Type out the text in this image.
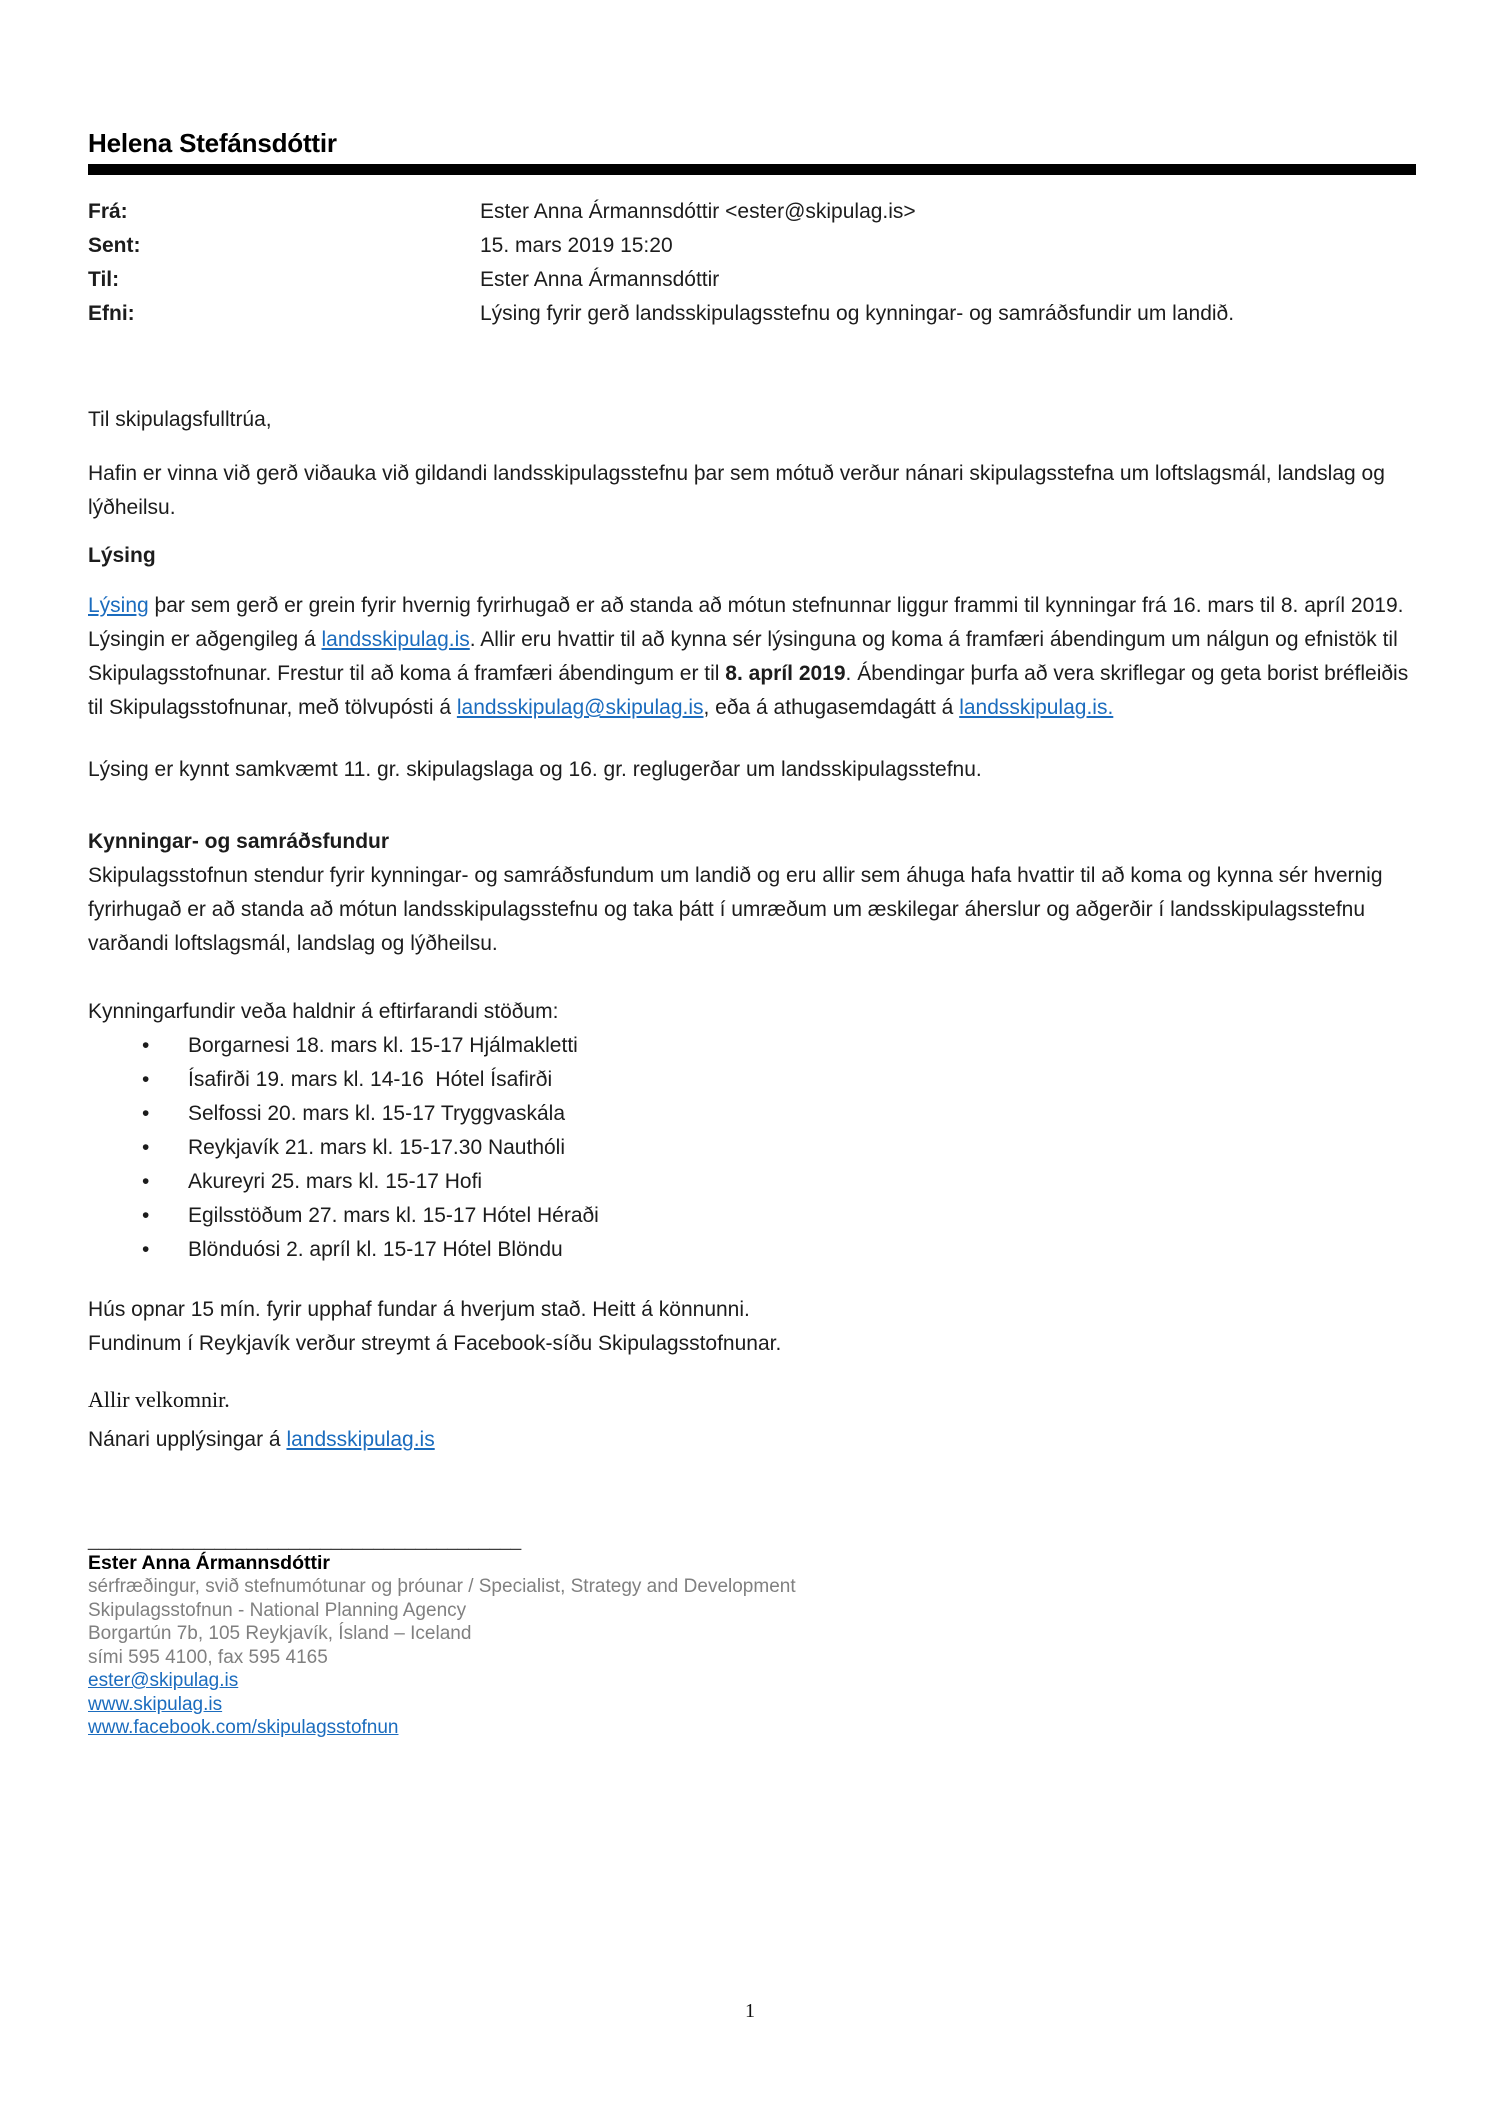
Helena Stefánsdóttir
Frá:	Ester Anna Ármannsdóttir <ester@skipulag.is>
Sent:	15. mars 2019 15:20
Til:	Ester Anna Ármannsdóttir
Efni:	Lýsing fyrir gerð landsskipulagsstefnu og kynningar- og samráðsfundir um landið.

Til skipulagsfulltrúa,

Hafin er vinna við gerð viðauka við gildandi landsskipulagsstefnu þar sem mótuð verður nánari skipulagsstefna um loftslagsmál, landslag og lýðheilsu.

Lýsing

Lýsing þar sem gerð er grein fyrir hvernig fyrirhugað er að standa að mótun stefnunnar liggur frammi til kynningar frá 16. mars til 8. apríl 2019. Lýsingin er aðgengileg á landsskipulag.is. Allir eru hvattir til að kynna sér lýsinguna og koma á framfæri ábendingum um nálgun og efnistök til Skipulagsstofnunar. Frestur til að koma á framfæri ábendingum er til 8. apríl 2019. Ábendingar þurfa að vera skriflegar og geta borist bréfleiðis til Skipulagsstofnunar, með tölvupósti á landsskipulag@skipulag.is, eða á athugasemdagátt á landsskipulag.is.

Lýsing er kynnt samkvæmt 11. gr. skipulagslaga og 16. gr. reglugerðar um landsskipulagsstefnu.

Kynningar- og samráðsfundur

Skipulagsstofnun stendur fyrir kynningar- og samráðsfundum um landið og eru allir sem áhuga hafa hvattir til að koma og kynna sér hvernig fyrirhugað er að standa að mótun landsskipulagsstefnu og taka þátt í umræðum um æskilegar áherslur og aðgerðir í landsskipulagsstefnu varðandi loftslagsmál, landslag og lýðheilsu.

Kynningarfundir veða haldnir á eftirfarandi stöðum:

• Borgarnesi 18. mars kl. 15-17 Hjálmakletti
• Ísafirði 19. mars kl. 14-16  Hótel Ísafirði
• Selfossi 20. mars kl. 15-17 Tryggvaskála
• Reykjavík 21. mars kl. 15-17.30 Nauthóli
• Akureyri 25. mars kl. 15-17 Hofi
• Egilsstöðum 27. mars kl. 15-17 Hótel Héraði
• Blönduósi 2. apríl kl. 15-17 Hótel Blöndu

Hús opnar 15 mín. fyrir upphaf fundar á hverjum stað. Heitt á könnunni.

Fundinum í Reykjavík verður streymt á Facebook-síðu Skipulagsstofnunar.

Allir velkomnir.

Nánari upplýsingar á landsskipulag.is

_________________________________________
Ester Anna Ármannsdóttir
sérfræðingur, svið stefnumótunar og þróunar / Specialist, Strategy and Development
Skipulagsstofnun - National Planning Agency
Borgartún 7b, 105 Reykjavík, Ísland – Iceland
sími 595 4100, fax 595 4165
ester@skipulag.is
www.skipulag.is
www.facebook.com/skipulagsstofnun
1
